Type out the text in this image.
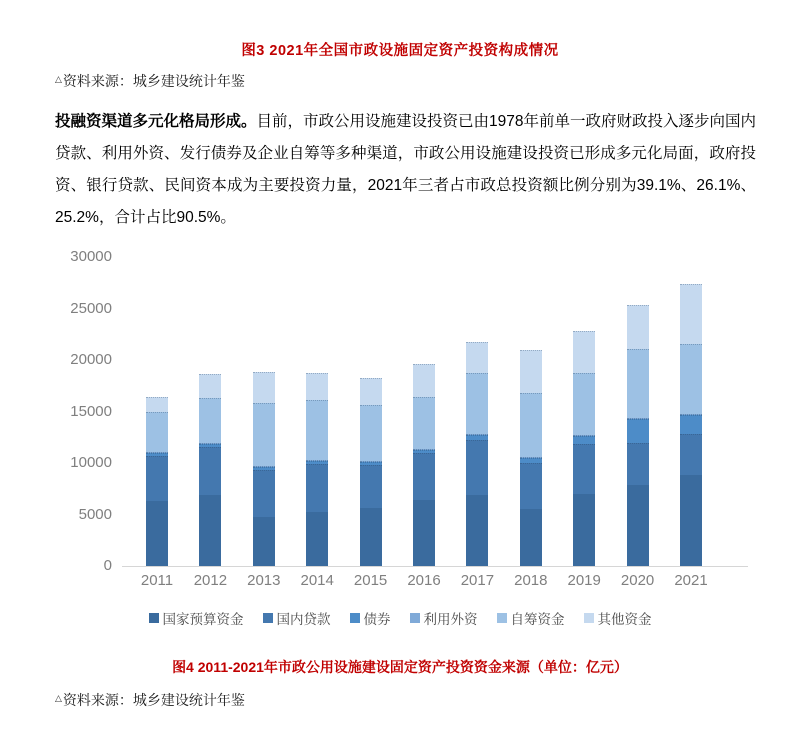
图3 2021年全国市政设施固定资产投资构成情况
△资料来源：城乡建设统计年鉴
投融资渠道多元化格局形成。目前，市政公用设施建设投资已由1978年前单一政府财政投入逐步向国内贷款、利用外资、发行债券及企业自筹等多种渠道，市政公用设施建设投资已形成多元化局面，政府投资、银行贷款、民间资本成为主要投资力量，2021年三者占市政总投资额比例分别为39.1%、26.1%、25.2%，合计占比90.5%。
0
5000
10000
15000
20000
25000
30000
2011	2012	2013	2014	2015	2016	2017	2018	2019	2020	2021
国家预算资金 国内贷款 债券 利用外资 自筹资金 其他资金
图4 2011-2021年市政公用设施建设固定资产投资资金来源（单位：亿元）
△资料来源：城乡建设统计年鉴
